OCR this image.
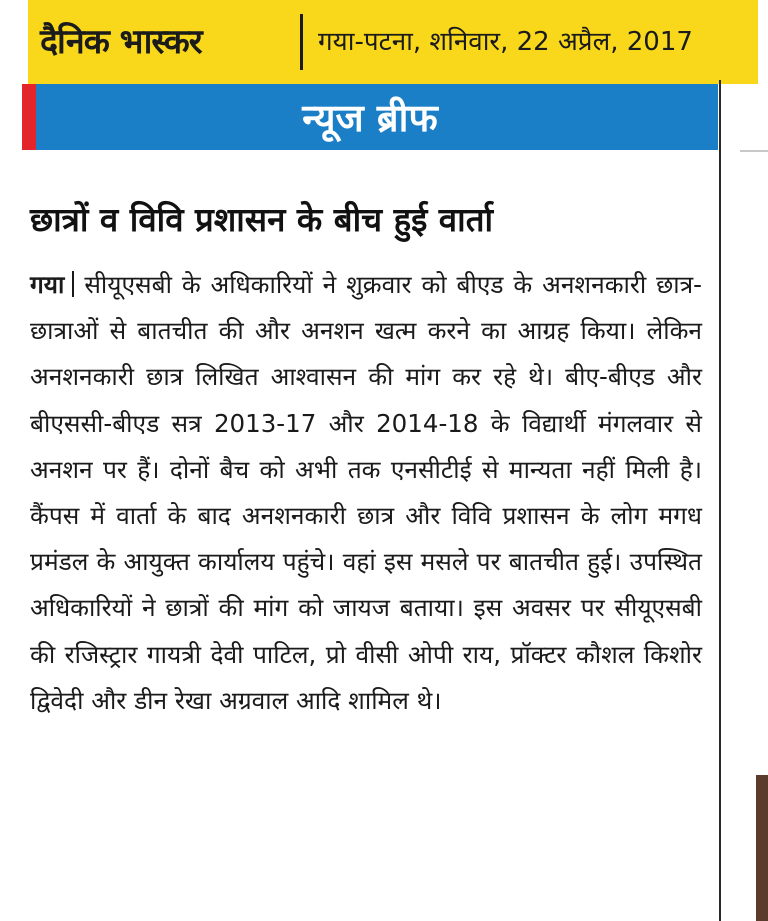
दैनिक भास्कर	गया-पटना, शनिवार, 22 अप्रैल, 2017
न्यूज ब्रीफ
छात्रों व विवि प्रशासन के बीच हुई वार्ता

गया सीयूएसबी के अधिकारियों ने शुक्रवार को बीएड के अनशनकारी छात्र-छात्राओं से बातचीत की और अनशन खत्म करने का आग्रह किया। लेकिन अनशनकारी छात्र लिखित आश्वासन की मांग कर रहे थे। बीए-बीएड और बीएससी-बीएड सत्र 2013-17 और 2014-18 के विद्यार्थी मंगलवार से अनशन पर हैं। दोनों बैच को अभी तक एनसीटीई से मान्यता नहीं मिली है। कैंपस में वार्ता के बाद अनशनकारी छात्र और विवि प्रशासन के लोग मगध प्रमंडल के आयुक्त कार्यालय पहुंचे। वहां इस मसले पर बातचीत हुई। उपस्थित अधिकारियों ने छात्रों की मांग को जायज बताया। इस अवसर पर सीयूएसबी की रजिस्ट्रार गायत्री देवी पाटिल, प्रो वीसी ओपी राय, प्रॉक्टर कौशल किशोर द्विवेदी और डीन रेखा अग्रवाल आदि शामिल थे।
